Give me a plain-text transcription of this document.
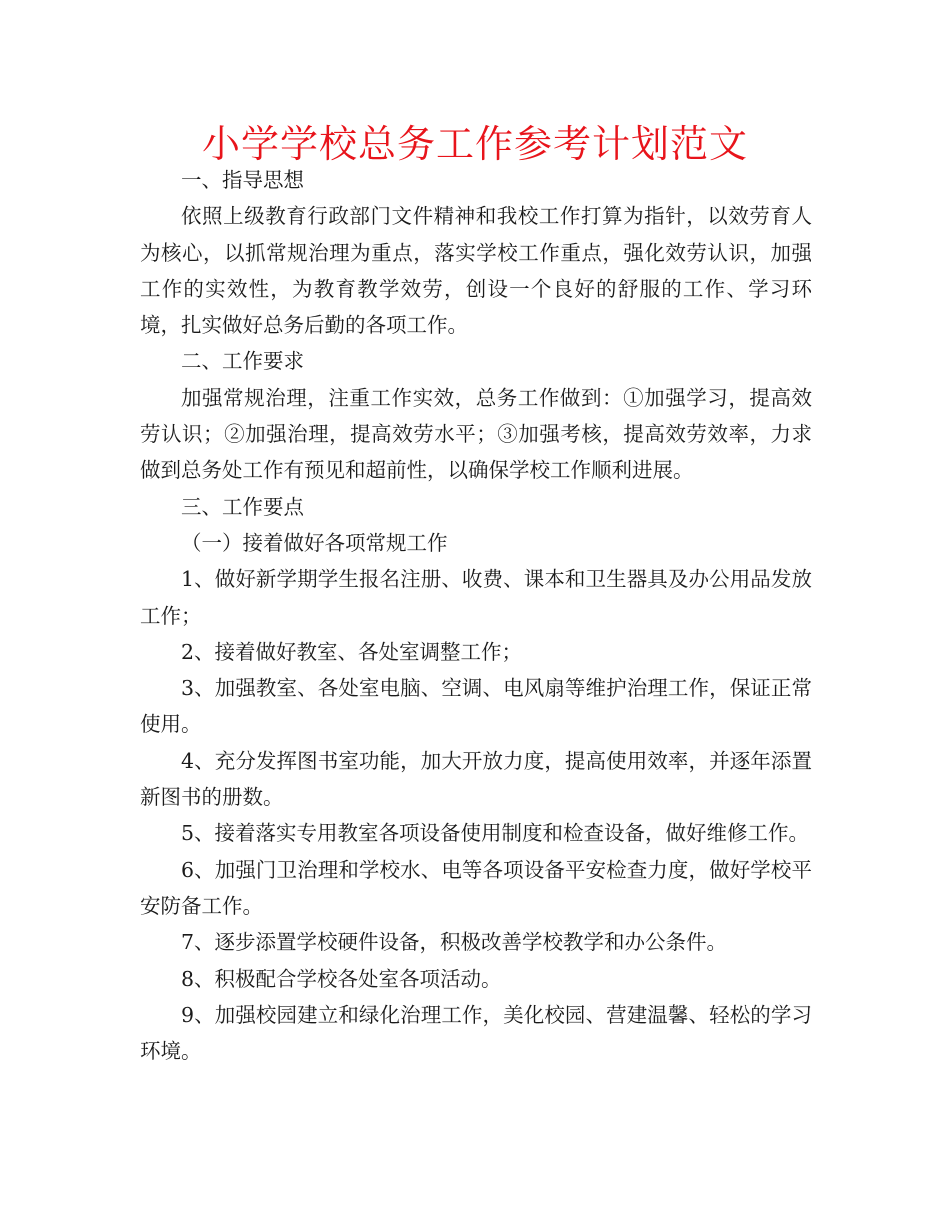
小学学校总务工作参考计划范文

一、指导思想

依照上级教育行政部门文件精神和我校工作打算为指针，以效劳育人为核心，以抓常规治理为重点，落实学校工作重点，强化效劳认识，加强工作的实效性，为教育教学效劳，创设一个良好的舒服的工作、学习环境，扎实做好总务后勤的各项工作。

二、工作要求

加强常规治理，注重工作实效，总务工作做到：①加强学习，提高效劳认识；②加强治理，提高效劳水平；③加强考核，提高效劳效率，力求做到总务处工作有预见和超前性，以确保学校工作顺利进展。

三、工作要点

（一）接着做好各项常规工作

1、做好新学期学生报名注册、收费、课本和卫生器具及办公用品发放工作；

2、接着做好教室、各处室调整工作；

3、加强教室、各处室电脑、空调、电风扇等维护治理工作，保证正常使用。

4、充分发挥图书室功能，加大开放力度，提高使用效率，并逐年添置新图书的册数。

5、接着落实专用教室各项设备使用制度和检查设备，做好维修工作。

6、加强门卫治理和学校水、电等各项设备平安检查力度，做好学校平安防备工作。

7、逐步添置学校硬件设备，积极改善学校教学和办公条件。

8、积极配合学校各处室各项活动。

9、加强校园建立和绿化治理工作，美化校园、营建温馨、轻松的学习环境。
